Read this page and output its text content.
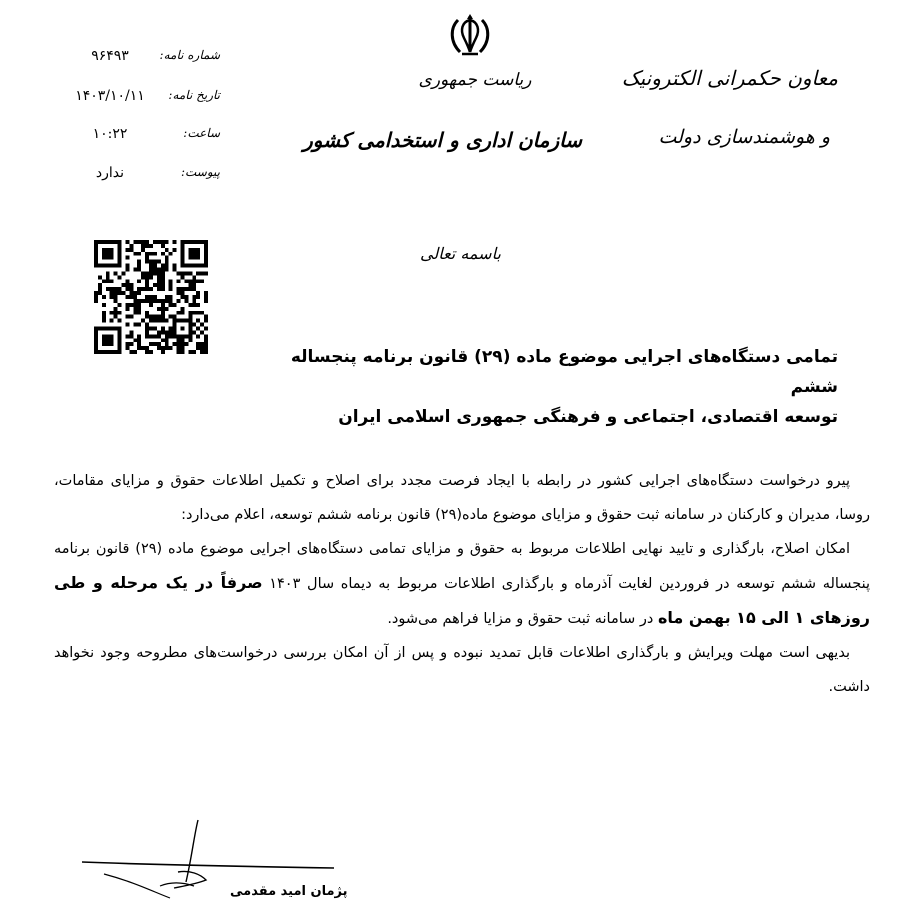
معاون حکمرانی الکترونیک
و هوشمندسازی دولت
ریاست جمهوری
سازمان اداری و استخدامی کشور
شماره نامه:
۹۶۴۹۳
تاریخ نامه:
۱۴۰۳/۱۰/۱۱
ساعت:
۱۰:۲۲
پیوست:
ندارد
باسمه تعالی
تمامی دستگاه‌های اجرایی موضوع ماده (۲۹) قانون برنامه پنجساله ششم
توسعه اقتصادی، اجتماعی و فرهنگی جمهوری اسلامی ایران

پیرو درخواست دستگاه‌های اجرایی کشور در رابطه با ایجاد فرصت مجدد برای اصلاح و تکمیل اطلاعات حقوق و مزایای مقامات، روسا، مدیران و کارکنان در سامانه ثبت حقوق و مزایای موضوع ماده(۲۹) قانون برنامه ششم توسعه، اعلام می‌دارد:

امکان اصلاح، بارگذاری و تایید نهایی اطلاعات مربوط به حقوق و مزایای تمامی دستگاه‌های اجرایی موضوع ماده (۲۹) قانون برنامه پنجساله ششم توسعه در فروردین لغایت آذرماه و بارگذاری اطلاعات مربوط به دیماه سال ۱۴۰۳ صرفاً در یک مرحله و طی روزهای ۱ الی ۱۵ بهمن ماه در سامانه ثبت حقوق و مزایا فراهم می‌شود.

بدیهی است مهلت ویرایش و بارگذاری اطلاعات قابل تمدید نبوده و پس از آن امکان بررسی درخواست‌های مطروحه وجود نخواهد داشت.

پژمان امید مقدمی
